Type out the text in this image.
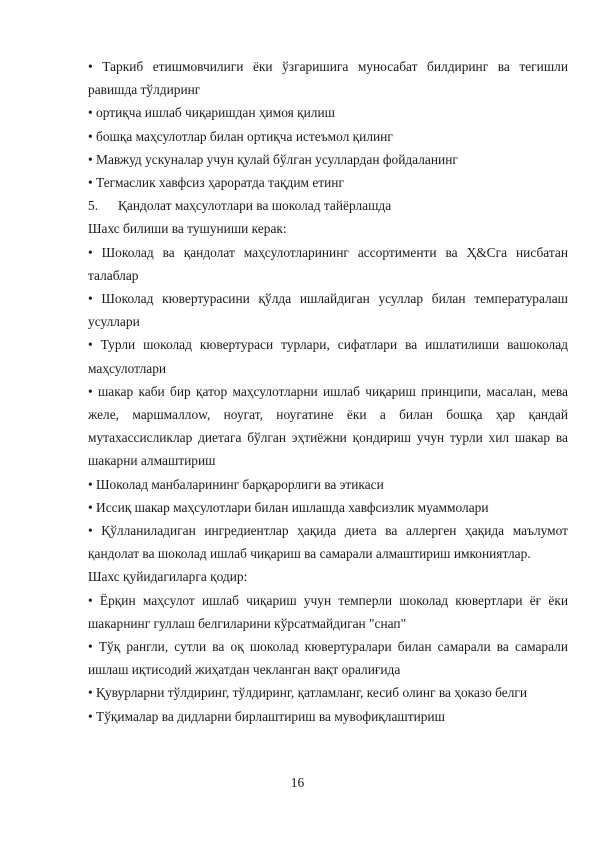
• Таркиб етишмовчилиги ёки ўзгаришига муносабат билдиринг ва тегишли равишда тўлдиринг

• ортиқча ишлаб чиқаришдан ҳимоя қилиш

• бошқа маҳсулотлар билан ортиқча истеъмол қилинг

• Мавжуд ускуналар учун қулай бўлган усуллардан фойдаланинг

• Тегмаслик хавфсиз ҳароратда тақдим етинг

5. Қандолат маҳсулотлари ва шоколад тайёрлашда

Шахс билиши ва тушуниши керак:

• Шоколад ва қандолат маҳсулотларининг ассортименти ва Ҳ&Сга нисбатан талаблар

• Шоколад кювертурасини қўлда ишлайдиган усуллар билан температуралаш усуллари

• Турли шоколад кювертураси турлари, сифатлари ва ишлатилиши вашоколад маҳсулотлари

• шакар каби бир қатор маҳсулотларни ишлаб чиқариш принципи, масалан, мева желе, маршмаллоw, ноугат, ноугатине ёки а билан бошқа ҳар қандай мутахассисликлар диетага бўлган эҳтиёжни қондириш учун турли хил шакар ва шакарни алмаштириш

• Шоколад манбаларининг барқарорлиги ва этикаси

• Иссиқ шакар маҳсулотлари билан ишлашда хавфсизлик муаммолари

• Қўлланиладиган ингредиентлар ҳақида диета ва аллерген ҳақида маълумот қандолат ва шоколад ишлаб чиқариш ва самарали алмаштириш имкониятлар.

Шахс қуйидагиларга қодир:

• Ёрқин маҳсулот ишлаб чиқариш учун темперли шоколад кювертлари ёғ ёки шакарнинг гуллаш белгиларини кўрсатмайдиган "снап"

• Тўқ рангли, сутли ва оқ шоколад кювертуралари билан самарали ва самарали ишлаш иқтисодий жиҳатдан чекланган вақт оралиғида

• Қувурларни тўлдиринг, тўлдиринг, қатламланг, кесиб олинг ва ҳоказо белги

• Тўқималар ва дидларни бирлаштириш ва мувофиқлаштириш

16
